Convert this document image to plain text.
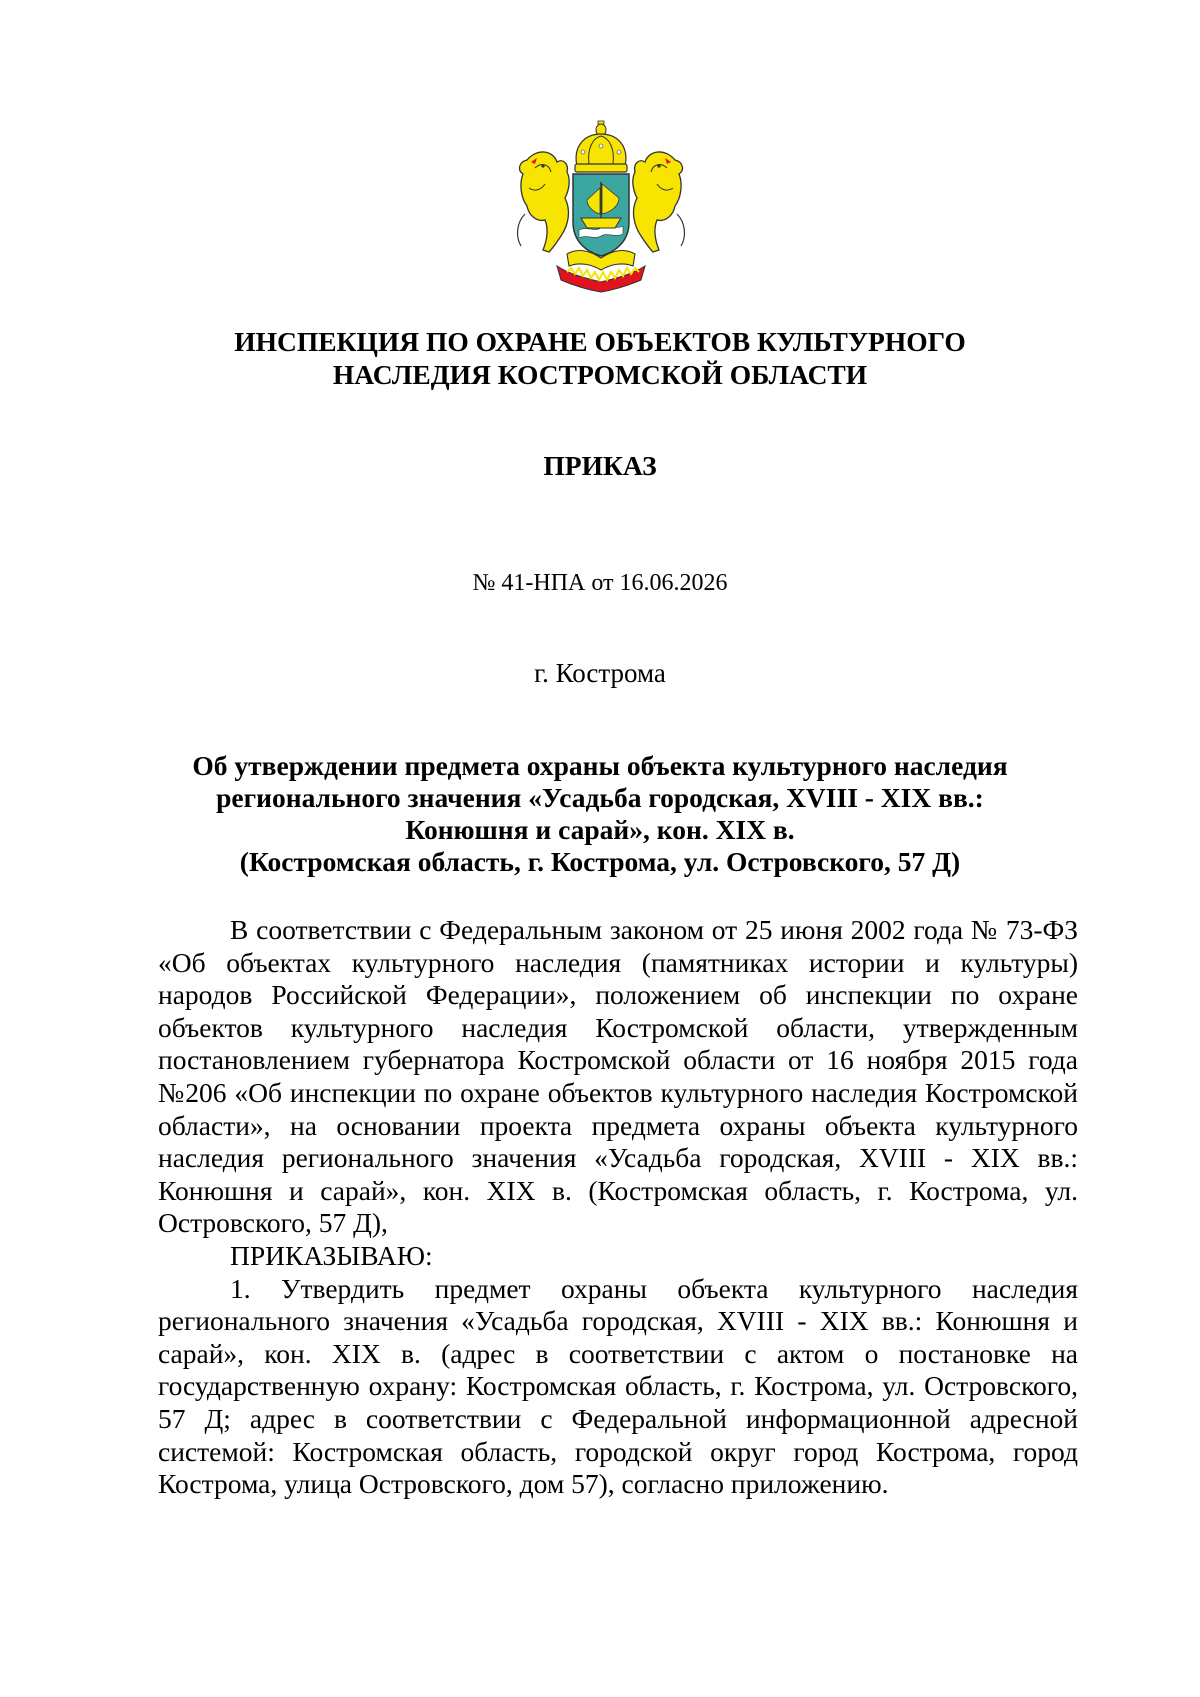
ИНСПЕКЦИЯ ПО ОХРАНЕ ОБЪЕКТОВ КУЛЬТУРНОГО
НАСЛЕДИЯ КОСТРОМСКОЙ ОБЛАСТИ
ПРИКАЗ
№ 41-НПА от 16.06.2026
г. Кострома
Об утверждении предмета охраны объекта культурного наследия
регионального значения «Усадьба городская, XVIII - XIX вв.:
Конюшня и сарай», кон. XIX в.
(Костромская область, г. Кострома, ул. Островского, 57 Д)

В соответствии с Федеральным законом от 25 июня 2002 года № 73-ФЗ «Об объектах культурного наследия (памятниках истории и культуры) народов Российской Федерации», положением об инспекции по охране объектов культурного наследия Костромской области, утвержденным постановлением губернатора Костромской области от 16 ноября 2015 года №206 «Об инспекции по охране объектов культурного наследия Костромской области», на основании проекта предмета охраны объекта культурного наследия регионального значения «Усадьба городская, XVIII - XIX вв.: Конюшня и сарай», кон. XIX в. (Костромская область, г. Кострома, ул. Островского, 57 Д),

ПРИКАЗЫВАЮ:

1. Утвердить предмет охраны объекта культурного наследия регионального значения «Усадьба городская, XVIII - XIX вв.: Конюшня и сарай», кон. XIX в. (адрес в соответствии с актом о постановке на государственную охрану: Костромская область, г. Кострома, ул. Островского, 57 Д; адрес в соответствии с Федеральной информационной адресной системой: Костромская область, городской округ город Кострома, город Кострома, улица Островского, дом 57), согласно приложению.
